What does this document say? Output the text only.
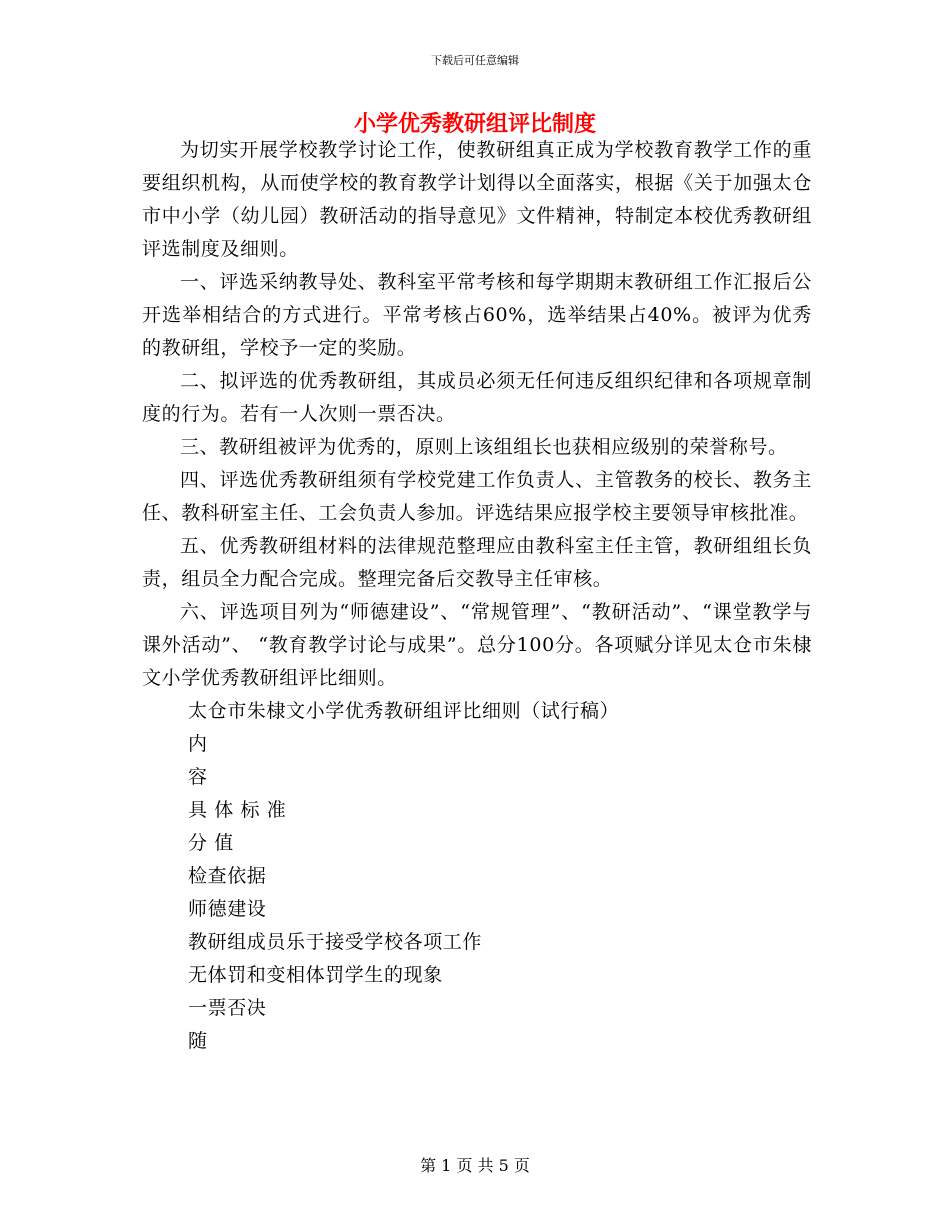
下载后可任意编辑
小学优秀教研组评比制度

为切实开展学校教学讨论工作，使教研组真正成为学校教育教学工作的重要组织机构，从而使学校的教育教学计划得以全面落实，根据《关于加强太仓市中小学（幼儿园）教研活动的指导意见》文件精神，特制定本校优秀教研组评选制度及细则。

一、评选采纳教导处、教科室平常考核和每学期期末教研组工作汇报后公开选举相结合的方式进行。平常考核占60%，选举结果占40%。被评为优秀的教研组，学校予一定的奖励。

二、拟评选的优秀教研组，其成员必须无任何违反组织纪律和各项规章制度的行为。若有一人次则一票否决。

三、教研组被评为优秀的，原则上该组组长也获相应级别的荣誉称号。

四、评选优秀教研组须有学校党建工作负责人、主管教务的校长、教务主任、教科研室主任、工会负责人参加。评选结果应报学校主要领导审核批准。

五、优秀教研组材料的法律规范整理应由教科室主任主管，教研组组长负责，组员全力配合完成。整理完备后交教导主任审核。

六、评选项目列为“师德建设”、“常规管理”、“教研活动”、“课堂教学与课外活动”、 “教育教学讨论与成果”。总分100分。各项赋分详见太仓市朱棣文小学优秀教研组评比细则。

太仓市朱棣文小学优秀教研组评比细则（试行稿）

内

容

具 体 标 准

分 值

检查依据

师德建设

教研组成员乐于接受学校各项工作

无体罚和变相体罚学生的现象

一票否决

随

第 1 页 共 5 页
